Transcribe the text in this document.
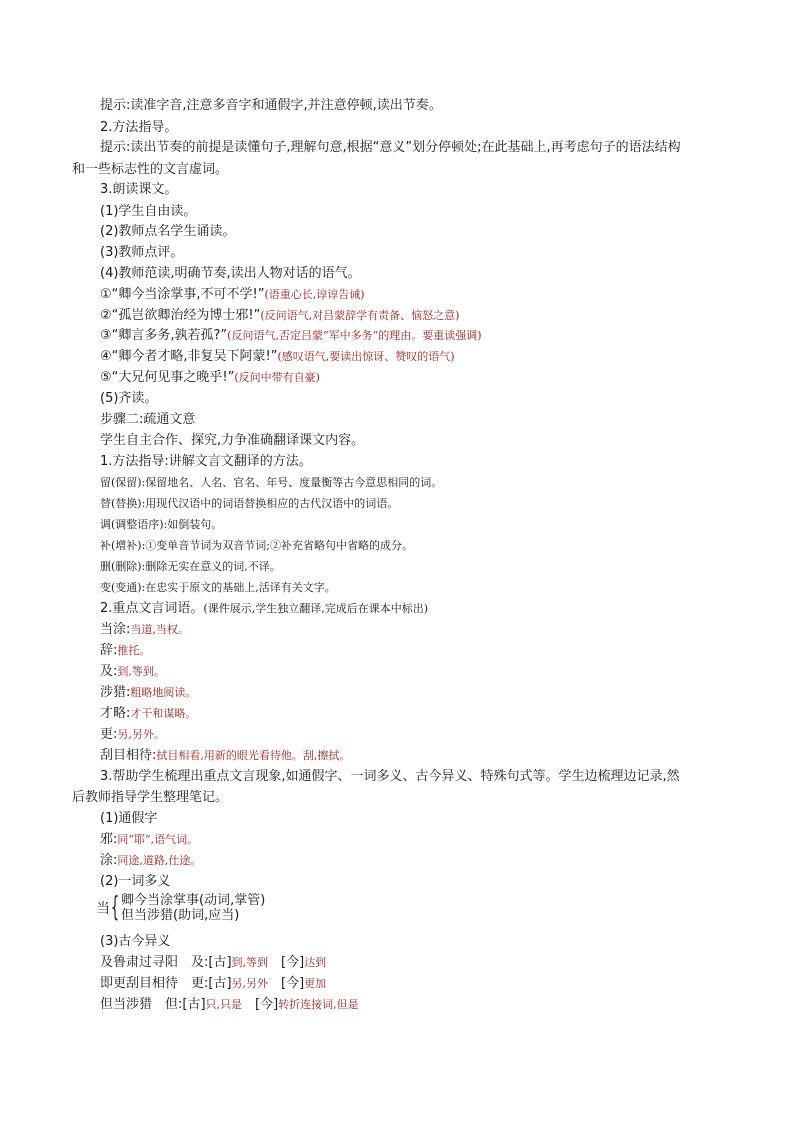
提示:读准字音,注意多音字和通假字,并注意停顿,读出节奏。
2.方法指导。
提示:读出节奏的前提是读懂句子,理解句意,根据“意义”划分停顿处;在此基础上,再考虑句子的语法结构
和一些标志性的文言虚词。
3.朗读课文。
(1)学生自由读。
(2)教师点名学生诵读。
(3)教师点评。
(4)教师范读,明确节奏,读出人物对话的语气。
①“卿今当涂掌事,不可不学!”(语重心长,谆谆告诫)
②“孤岂欲卿治经为博士邪!”(反问语气,对吕蒙辞学有责备、恼怒之意)
③“卿言多务,孰若孤?”(反问语气,否定吕蒙“军中多务”的理由。要重读强调)
④“卿今者才略,非复吴下阿蒙!”(感叹语气,要读出惊讶、赞叹的语气)
⑤“大兄何见事之晚乎!”(反问中带有自豪)
(5)齐读。
步骤二:疏通文意
学生自主合作、探究,力争准确翻译课文内容。
1.方法指导:讲解文言文翻译的方法。
留(保留):保留地名、人名、官名、年号、度量衡等古今意思相同的词。
替(替换):用现代汉语中的词语替换相应的古代汉语中的词语。
调(调整语序):如倒装句。
补(增补):①变单音节词为双音节词;②补充省略句中省略的成分。
删(删除):删除无实在意义的词,不译。
变(变通):在忠实于原文的基础上,活译有关文字。
2.重点文言词语。(课件展示,学生独立翻译,完成后在课本中标出)
当涂:当道,当权。
辞:推托。
及:到,等到。
涉猎:粗略地阅读。
才略:才干和谋略。
更:另,另外。
刮目相待:拭目相看,用新的眼光看待他。刮,擦拭。
3.帮助学生梳理出重点文言现象,如通假字、一词多义、古今异义、特殊句式等。学生边梳理边记录,然
后教师指导学生整理笔记。
(1)通假字
邪:同“耶”,语气词。
涂:同途,道路,仕途。
(2)一词多义
当 { 卿今当涂掌事(动词,掌管)
但当涉猎(助词,应当)
(3)古今异义
及鲁肃过寻阳　及:[古]到,等到　[今]达到
即更刮目相待　更:[古]另,另外　[今]更加
但当涉猎　但:[古]只,只是　[今]转折连接词,但是
